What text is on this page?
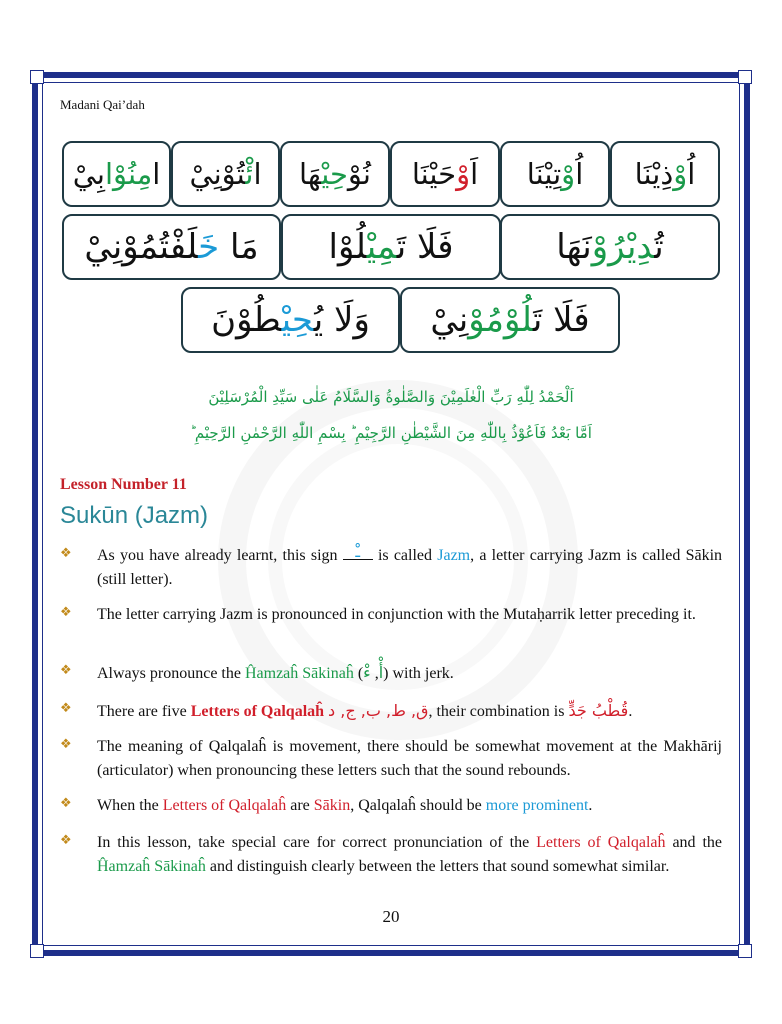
Madani Qai’dah
اُوْذِيْنَا
اُوْتِيْنَا
اَوْحَيْنَا
نُوْحِيْهَا
ائْتُوْنِيْ
امِنُوْابِيْ
تُدِيْرُوْنَهَا
فَلَا تَمِيْلُوْا
مَا خَلَفْتُمُوْنِيْ
فَلَا تَلُوْمُوْنِيْ
وَلَا يُحِيْطُوْنَ
اَلْحَمْدُ لِلّٰهِ رَبِّ الْعٰلَمِيْنَ وَالصَّلٰوةُ وَالسَّلَامُ عَلٰى سَيِّدِ الْمُرْسَلِيْنَ
اَمَّا بَعْدُ فَاَعُوْذُ بِاللّٰهِ مِنَ الشَّيْطٰنِ الرَّجِيْمِ ؕ بِسْمِ اللّٰهِ الرَّحْمٰنِ الرَّحِيْمِ ؕ
Lesson Number 11
Sukūn (Jazm)
❖ As you have already learnt, this sign ـْ is called Jazm, a letter carrying Jazm is called Sākin (still letter).
❖ The letter carrying Jazm is pronounced in conjunction with the Mutaḥarrik letter preceding it.
❖ Always pronounce the Ĥamzaĥ Sākinaĥ ( أْ, ءْ ) with jerk.
❖ There are five Letters of Qalqalaĥ ق, ط, ب, ج, د, their combination is قُطْبُ جَدٍّ.
❖ The meaning of Qalqalaĥ is movement, there should be somewhat movement at the Makhārij (articulator) when pronouncing these letters such that the sound rebounds.
❖ When the Letters of Qalqalaĥ are Sākin, Qalqalaĥ should be more prominent.
❖ In this lesson, take special care for correct pronunciation of the Letters of Qalqalaĥ and the Ĥamzaĥ Sākinaĥ and distinguish clearly between the letters that sound somewhat similar.
20
